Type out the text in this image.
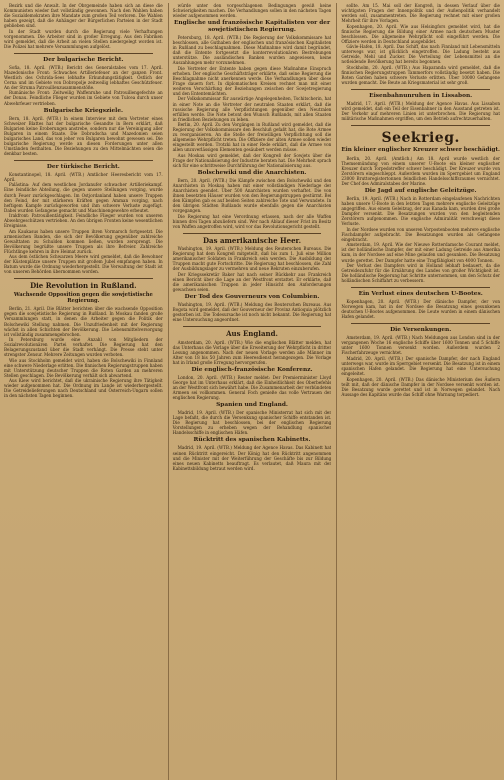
Bezirk und die Anwalt. In der Öbrgemeinde haben sich an diese die Kommunisten wieder fast vollständig gewonnen. Nach den Wahlen haben die Sozialdemokraten ihre Mandate zum großen Teil verloren. Die Wahlen haben gezeigt, daß die Anhänger der Bürgerlichen Parteien in der Stadt geblieben sind.

In der Stadt wurden durch die Regierung viele Verhaftungen vorgenommen. Die Arbeiter sind in großer Erregung. Aus den Fabriken wird gemeldet, daß die Arbeit an vielen Stellen niedergelegt worden ist. Die Polizei hat mehrere Versammlungen aufgelöst.

Der bulgarische Bericht.

Sofia, 18. April. (WTB.) Bericht des Generalstabes vom 17. April. Mazedonische Front: Schwaches Artilleriefeuer an der ganzen Front. Westlich des Ochrida-Sees lebhafte Erkundungstätigkeit. Östlich der Cerna und im Gebiete von Dobropolje zeitweilig lebhaftes Geschützfeuer. An der Struma Patrouillenzusammenstöße.

Rumänische Front: Zeitweilig Waffenruhe und Patrouillengefechte an der Donau. Feindliche Flieger wurden im Gebiete von Tulcea durch unser Abwehrfeuer vertrieben.

Bulgarische Kriegsziele.

Bern, 18. April. (WTB.) In einem Interview mit dem Vertreter eines Schweizer Blattes hat der bulgarische Gesandte in Bern erklärt, daß Bulgarien keine Eroberungen anstrebe, sondern nur die Vereinigung aller Bulgaren in einem Staate. Die Dobrudscha und Mazedonien seien bulgarisches Land, das von jeher von Bulgaren bewohnt gewesen sei. Die bulgarische Regierung werde an diesen Forderungen unter allen Umständen festhalten. Die Beziehungen zu den Mittelmächten seien die denkbar besten.

Der türkische Bericht.

Konstantinopel, 18. April. (WTB.) Amtlicher Heeresbericht vom 17. April.

Palästina: Auf dem westlichen Jordanufer schwacher Artilleriekampf. Eine feindliche Abteilung, die gegen unsere Stellungen vorging, wurde durch Feuer zurückgeschlagen. Im Ostjordanland haben unsere Truppen den Feind, der mit stärkeren Kräften gegen Amman vorging, nach heftigem Kampfe zurückgeworfen und ihm schwere Verluste zugefügt. Dabei wurden Gefangene gemacht und Maschinengewehre erbeutet.

Irakfront: Patrouillentätigkeit. Feindliche Flieger wurden von unseren Abwehrgeschützen vertrieben. An den übrigen Fronten keine wesentlichen Ereignisse.

Am Kaukasus haben unsere Truppen ihren Vormarsch fortgesetzt. Die armenischen Banden, die sich der Bevölkerung gegenüber zahlreiche Gewalttaten zu Schulden kommen ließen, wurden zersprengt. Die Bevölkerung begrüßte unsere Truppen als ihre Befreier. Zahlreiche Flüchtlinge kehren in ihre Heimat zurück.

Aus dem östlichen Schwarzen Meere wird gemeldet, daß die Bewohner der Küstenplätze unsere Truppen mit großem Jubel empfangen haben. In Batum wurde die Ordnung wiederhergestellt. Die Verwaltung der Stadt ist von unseren Behörden übernommen worden.

Die Revolution in Rußland.
Wachsende Opposition gegen die sowjetistische Regierung.

Berlin, 21. April. Die Blätter berichten über die wachsende Opposition gegen die sowjetistische Regierung in Rußland. In Moskau fanden große Versammlungen statt, in denen die Arbeiter gegen die Politik der Bolschewiki Stellung nahmen. Die Unzufriedenheit mit der Regierung wächst in allen Schichten der Bevölkerung. Die Lebensmittelversorgung ist vollständig zusammengebrochen.

In Petersburg wurde eine Anzahl von Mitgliedern der Sozialrevolutionären Partei verhaftet. Die Regierung hat den Belagerungszustand über die Stadt verhängt. Die Presse steht unter strengster Zensur. Mehrere Zeitungen wurden verboten.

Wie aus Stockholm gemeldet wird, haben die Bolschewiki in Finnland eine schwere Niederlage erlitten. Die finnischen Regierungstruppen haben mit Unterstützung deutscher Truppen die Roten Garden an mehreren Stellen geschlagen. Die Bevölkerung verhält sich abwartend.

Aus Kiew wird berichtet, daß die ukrainische Regierung ihre Tätigkeit wieder aufgenommen hat. Die Ordnung im Lande ist wiederhergestellt. Die Getreidelieferungen nach Deutschland und Österreich-Ungarn sollen in den nächsten Tagen beginnen.

würde unter den vorgeschlagenen Bedingungen gewiß keine Schwierigkeiten machen. Die Verhandlungen sollen in den nächsten Tagen wieder aufgenommen werden.

Englische und französische Kapitalisten vor der sowjetistischen Regierung.

Petersburg, 18. April. (WTB.) Die Regierung der Volkskommissare hat beschlossen, alle Guthaben der englischen und französischen Kapitalisten in Rußland zu beschlagnahmen. Diese Maßnahme wird damit begründet, daß die Entente fortgesetzt die konterrevolutionären Bestrebungen unterstütze. Die ausländischen Banken wurden angewiesen, keine Auszahlungen mehr vorzunehmen.

Die Vertreter der Entente haben gegen diese Maßnahme Einspruch erhoben. Der englische Geschäftsträger erklärte, daß seine Regierung die Beschlagnahme nicht anerkennen werde. Die Verhandlungen über diese Frage dauern fort. In diplomatischen Kreisen rechnet man mit einer weiteren Verschärfung der Beziehungen zwischen der Sowjetregierung und den Ententemächten.

Der Volkskommissar für auswärtige Angelegenheiten, Tschitscherin, hat in einer Note an die Vertreter der neutralen Staaten erklärt, daß die russische Regierung alle Verpflichtungen gegenüber den Neutralen erfüllen werde. Die Note betont den Wunsch Rußlands, mit allen Staaten in friedlichen Beziehungen zu leben.

Berlin, 20. April. Zu den Vorgängen in Rußland wird gemeldet, daß die Regierung der Volkskommissare den Beschluß gefaßt hat, die Rote Armee zu reorganisieren. An die Stelle der freiwilligen Verpflichtung soll die allgemeine Wehrpflicht treten. Die Offiziere der alten Armee sollen wieder eingestellt werden. Trotzki hat in einer Rede erklärt, daß die Armee von allen unzuverlässigen Elementen gesäubert werden müsse.

Aus Moskau wird gemeldet, daß der Kongreß der Sowjets über die Frage der Nationalisierung der Industrie beraten hat. Die Mehrheit sprach sich für eine schrittweise Durchführung der Nationalisierung aus.

Bolschewiki und die Anarchisten.

Bern, 20. April. (WTB.) Die Kämpfe zwischen den Bolschewiki und den Anarchisten in Moskau haben mit einer vollständigen Niederlage der Anarchisten geendet. Über 500 Anarchisten wurden verhaftet. Die von ihnen besetzten Häuser wurden von den Regierungstruppen gestürmt. Bei den Kämpfen gab es auf beiden Seiten zahlreiche Tote und Verwundete. In den übrigen Städten Rußlands wurde ebenfalls gegen die Anarchisten vorgegangen.

Die Regierung hat eine Verordnung erlassen, nach der alle Waffen binnen drei Tagen abzuliefern sind. Wer nach Ablauf dieser Frist im Besitz von Waffen angetroffen wird, wird vor das Revolutionsgericht gestellt.

Das amerikanische Heer.

Washington, 19. April. (WTB.) Meldung des Reuterschen Bureaus. Die Regierung hat dem Kongreß mitgeteilt, daß bis zum 1. Juli eine Million amerikanischer Soldaten in Frankreich sein werden. Die Ausbildung der Truppen macht gute Fortschritte. Die Regierung hat beschlossen, die Zahl der Ausbildungslager zu vermehren und neue Rekruten einzuberufen.

Der Kriegssekretär Baker hat nach seiner Rückkehr aus Frankreich einen Bericht über die Lage an der Westfront erstattet. Er erklärte, daß die amerikanischen Truppen in jeder Hinsicht den Anforderungen gewachsen seien.

Der Tod des Gouverneurs von Columbien.

Washington, 19. April. (WTB.) Meldung des Reuterschen Bureaus. Aus Bogota wird gemeldet, daß der Gouverneur der Provinz Antioquia plötzlich gestorben ist. Die Todesursache ist noch nicht bekannt. Die Regierung hat eine Untersuchung angeordnet.

Aus England.

Amsterdam, 20. April. (WTB.) Wie die englischen Blätter melden, hat das Unterhaus die Vorlage über die Erweiterung der Wehrpflicht in dritter Lesung angenommen. Nach der neuen Vorlage werden alle Männer im Alter von 18 bis 50 Jahren zum Heeresdienst herangezogen. Die Vorlage hat in Irland große Erregung hervorgerufen.

Die englisch-französische Konferenz.

London, 20. April. (WTB.) Reuter meldet: Der Premierminister Lloyd George hat im Unterhaus erklärt, daß die Einheitlichkeit des Oberbefehls an der Westfront sich bewährt habe. Die Zusammenarbeit der verbündeten Armeen sei vollkommen. General Foch genieße das volle Vertrauen der englischen Regierung.

Spanien und England.

Madrid, 19. April. (WTB.) Der spanische Ministerrat hat sich mit der Lage befaßt, die durch die Versenkung spanischer Schiffe entstanden ist. Die Regierung hat beschlossen, bei der englischen Regierung Vorstellungen zu erheben wegen der Behandlung spanischer Handelsschiffe in englischen Häfen.

Rücktritt des spanischen Kabinetts.

Madrid, 19. April. (WTB.) Meldung der Agence Havas. Das Kabinett hat seinen Rücktritt eingereicht. Der König hat den Rücktritt angenommen und die Minister mit der Weiterführung der Geschäfte bis zur Bildung eines neuen Kabinetts beauftragt. Es verlautet, daß Maura mit der Kabinettsbildung betraut werden wird.

sollte. Am 15. Mai soll der Kongreß, in dessen Verlauf über die wichtigsten Fragen der Innenpolitik und der Außenpolitik verhandelt werden soll, zusammentreten. Die Regierung rechnet mit einer großen Mehrheit für ihre Vorlagen.

Kopenhagen, 20. April. Wie aus Helsingfors gemeldet wird, hat die finnische Regierung die Bildung einer Armee nach deutschem Muster beschlossen. Die allgemeine Wehrpflicht soll eingeführt werden. Die Offiziere werden in Deutschland ausgebildet.

Gävle-Hafen, 18. April. Das Schiff, das nach Finnland mit Lebensmitteln unterwegs war, ist glücklich eingetroffen. Die Ladung besteht aus Getreide, Mehl und Zucker. Die Verteilung der Lebensmittel an die notleidende Bevölkerung hat bereits begonnen.

Stockholm, 20. April. (WTB.) Aus Haparanda wird gemeldet, daß die finnischen Regierungstruppen Tammerfors vollständig besetzt haben. Die Roten Garden haben schwere Verluste erlitten. Über 10000 Gefangene wurden gemacht. Die Beute an Kriegsmaterial ist sehr groß.

Eisenbahnunruhen in Lissabon.

Madrid, 17. April. (WTB.) Meldung der Agence Havas. Aus Lissabon wird gemeldet, daß ein Teil der Eisenbahner in den Ausstand getreten ist. Der Verkehr auf mehreren Linien ist unterbrochen. Die Regierung hat militärische Maßnahmen ergriffen, um den Betrieb aufrechtzuerhalten.

Seekrieg.
Ein kleiner englischer Kreuzer schwer beschädigt.

Berlin, 20. April. (Amtlich.) Am 18. April wurde westlich der Themsemündung von einem unserer U-Boote ein kleiner englischer Kreuzer durch Torpedotreffer schwer beschädigt. Der Kreuzer wurde von Zerstörern eingeschleppt. Außerdem wurden im Sperrgebiet um England 23000 Bruttoregistertonnen feindlichen Handelsschiffsraumes vernichtet. Der Chef des Admiralstabes der Marine.

Die Jagd auf englische Geleitzüge.

Berlin, 19. April. (WTB.) Nach in Rotterdam eingelaufenen Nachrichten haben unsere U-Boote in den letzten Tagen mehrere englische Geleitzüge angegriffen. Aus einem Geleitzug, der aus Kanada kam, wurden drei große Dampfer versenkt. Die Besatzungen wurden von den begleitenden Zerstörern aufgenommen. Die englische Admiralität verschweigt diese Verluste.

In der Nordsee wurden von unseren Vorpostenbooten mehrere englische Fischdampfer aufgebracht. Die Besatzungen wurden als Gefangene eingebracht.

Amsterdam, 19. April. Wie der Nieuwe Rotterdamsche Courant meldet, ist der holländische Dampfer, der mit einer Ladung Getreide aus Amerika kam, in der Nordsee auf eine Mine gelaufen und gesunken. Die Besatzung wurde gerettet. Der Dampfer hatte eine Tragfähigkeit von 4000 Tonnen.

Der Verlust des Dampfers wird in Holland lebhaft bedauert, da die Getreidezufuhr für die Ernährung des Landes von großer Wichtigkeit ist. Die holländische Regierung hat Schritte unternommen, um den Schutz der holländischen Schiffahrt zu verbessern.

Ein Verlust eines deutschen U-Bootes.

Kopenhagen, 20. April. (WTB.) Der dänische Dampfer, der von Norwegen kam, hat in der Nordsee die Besatzung eines gesunkenen deutschen U-Bootes aufgenommen. Die Leute wurden in einem dänischen Hafen gelandet.

Die Versenkungen.

Amsterdam, 19. April. (WTB.) Nach Meldungen aus London sind in der vergangenen Woche 16 englische Schiffe über 1600 Tonnen und 5 Schiffe unter 1600 Tonnen versenkt worden. Außerdem wurden 2 Fischerfahrzeuge vernichtet.

Madrid, 20. April. (WTB.) Der spanische Dampfer, der nach England unterwegs war, wurde im Sperrgebiet versenkt. Die Besatzung ist in einem spanischen Hafen gelandet. Die Regierung hat eine Untersuchung eingeleitet.

Kopenhagen, 20. April. (WTB.) Das dänische Ministerium des Äußern teilt mit, daß der dänische Dampfer in der Nordsee versenkt worden ist. Die Besatzung wurde gerettet und ist in Norwegen gelandet. Nach Aussage des Kapitäns wurde das Schiff ohne Warnung torpediert.
